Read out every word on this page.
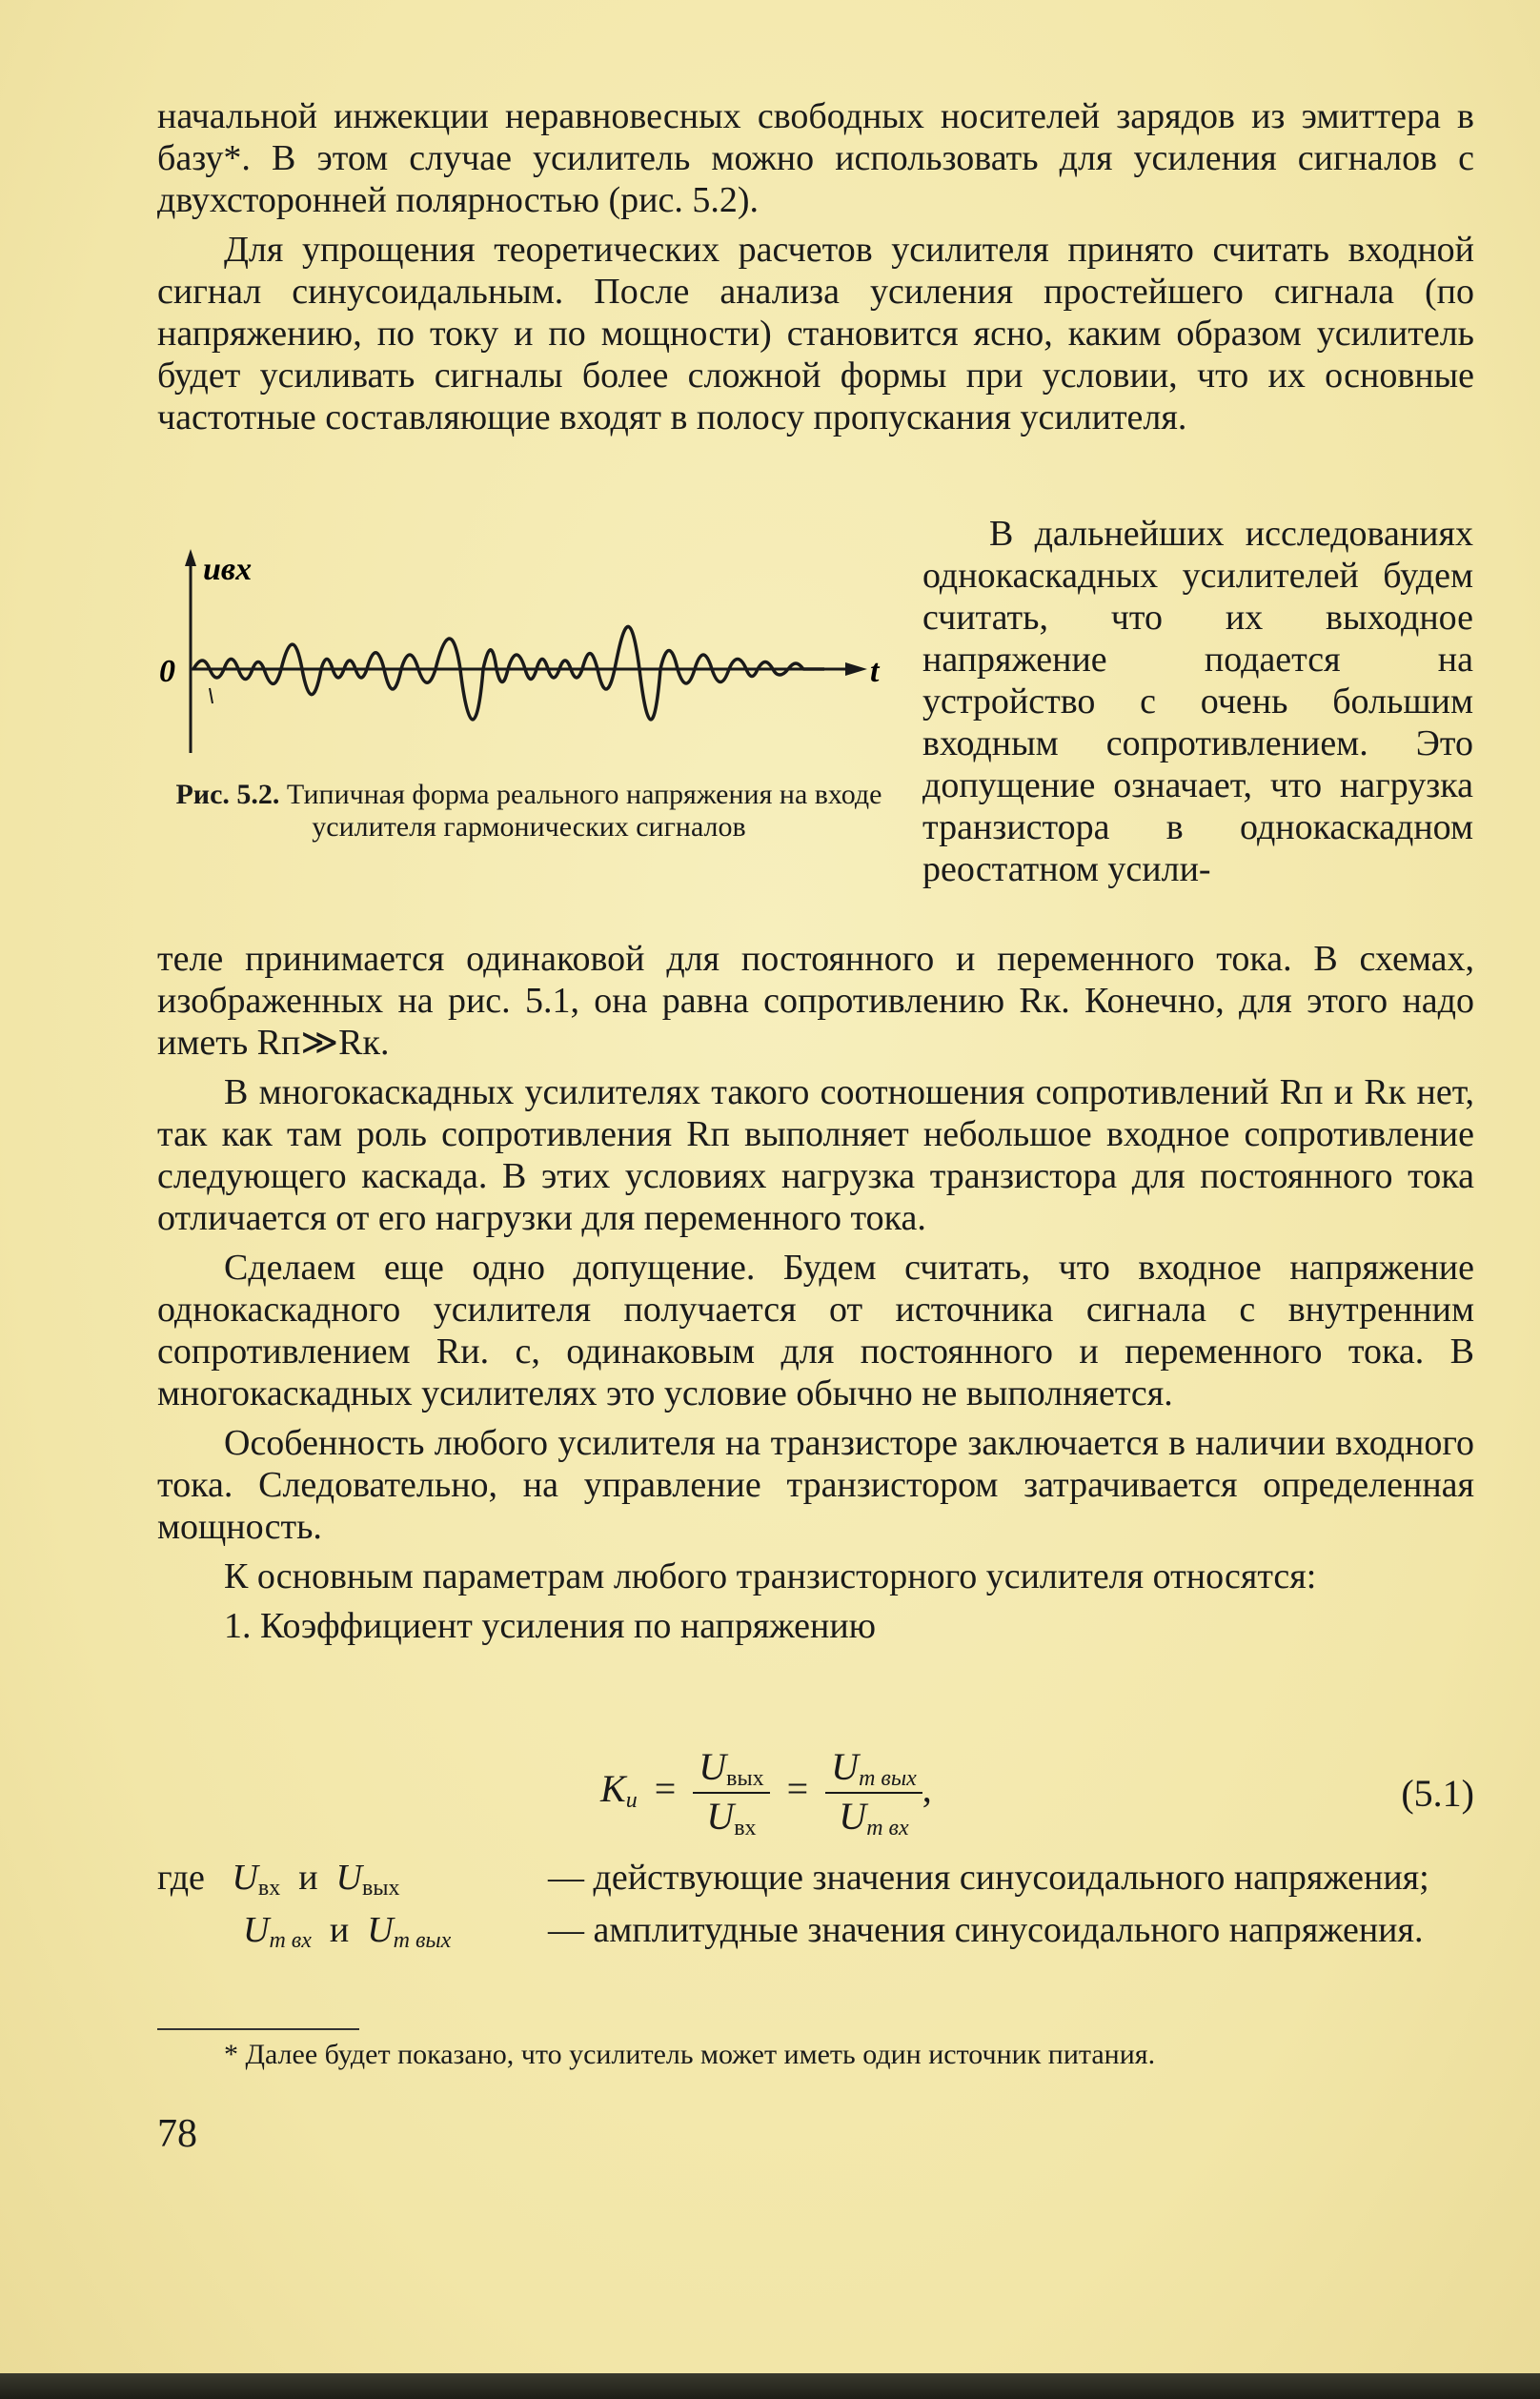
начальной инжекции неравновесных свободных носителей зарядов из эмиттера в базу*. В этом случае усилитель можно использовать для усиления сигналов с двухсторонней полярностью (рис. 5.2).

Для упрощения теоретических расчетов усилителя принято считать входной сигнал синусоидальным. После анализа усиления простейшего сигнала (по напряжению, по току и по мощности) становится ясно, каким образом усилитель будет усиливать сигналы более сложной формы при условии, что их основные частотные составляющие входят в полосу пропускания усилителя.

uвх
0	t
Рис. 5.2. Типичная форма реального напряжения на входе усилителя гармонических сигналов
В дальнейших исследованиях однокаскадных усилителей будем считать, что их выходное напряжение подается на устройство с очень большим входным сопротивлением. Это допущение означает, что нагрузка транзистора в однокаскадном реостатном усили-

теле принимается одинаковой для постоянного и переменного тока. В схемах, изображенных на рис. 5.1, она равна сопротивлению Rк. Конечно, для этого надо иметь Rп≫Rк.

В многокаскадных усилителях такого соотношения сопротивлений Rп и Rк нет, так как там роль сопротивления Rп выполняет небольшое входное сопротивление следующего каскада. В этих условиях нагрузка транзистора для постоянного тока отличается от его нагрузки для переменного тока.

Сделаем еще одно допущение. Будем считать, что входное напряжение однокаскадного усилителя получается от источника сигнала с внутренним сопротивлением Rи. с, одинаковым для постоянного и переменного тока. В многокаскадных усилителях это условие обычно не выполняется.

Особенность любого усилителя на транзисторе заключается в наличии входного тока. Следовательно, на управление транзистором затрачивается определенная мощность.

К основным параметрам любого транзисторного усилителя относятся:

1. Коэффициент усиления по напряжению

$K_u = \frac{U_{вых}}{U_{вх}} = \frac{U_{m вых}}{U_{m вх}}$ ,	(5.1)
где $U_{вх}$ и $U_{вых}$	— действующие значения синусоидального напряжения;
$U_{m вх}$ и $U_{m вых}$	— амплитудные значения синусоидального напряжения.
* Далее будет показано, что усилитель может иметь один источник питания.
78
